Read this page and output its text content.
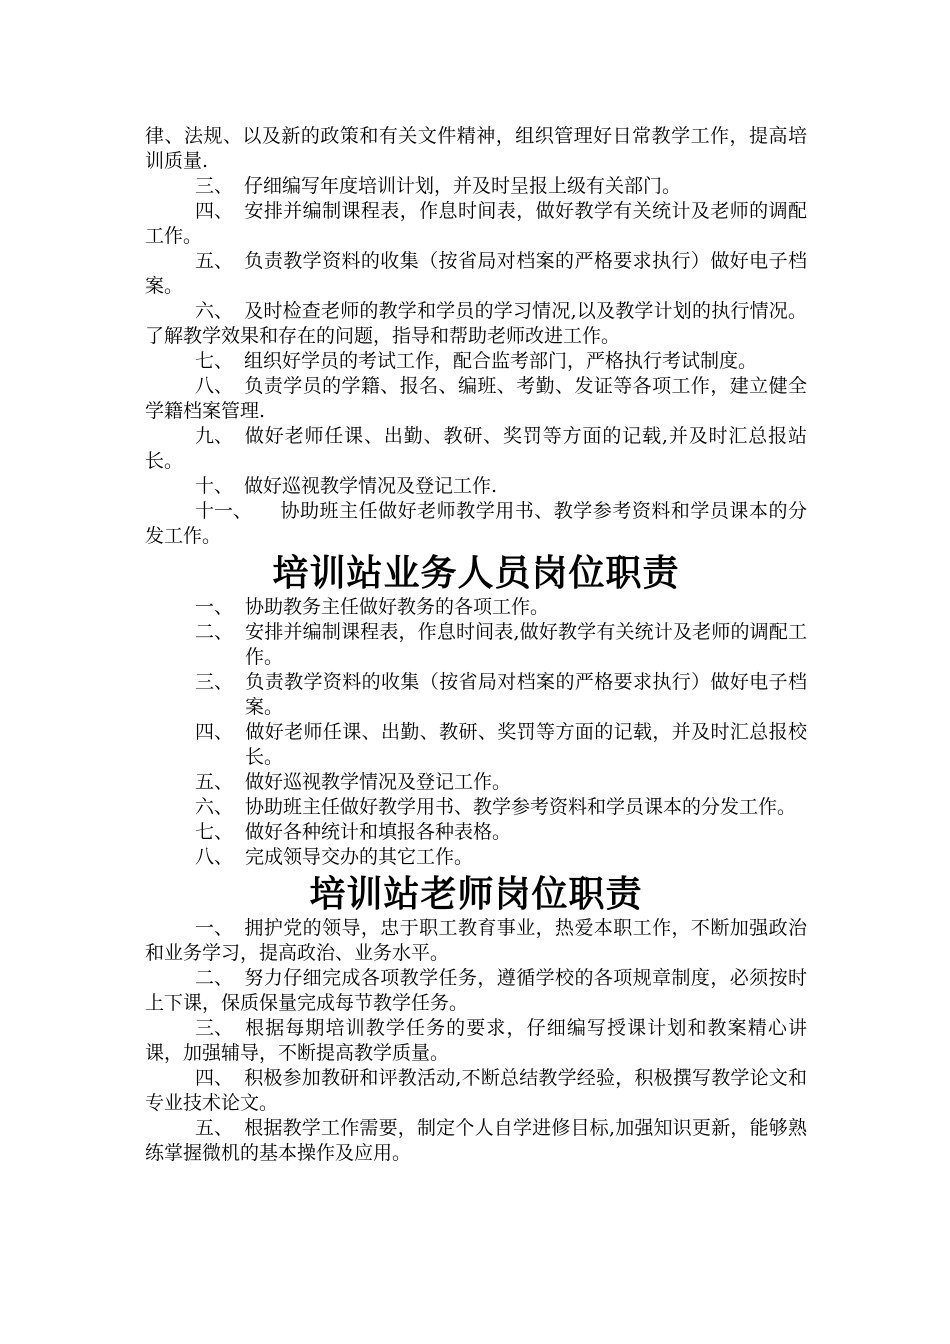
律、法规、以及新的政策和有关文件精神，组织管理好日常教学工作，提高培训质量.

三、 仔细编写年度培训计划，并及时呈报上级有关部门。

四、 安排并编制课程表，作息时间表，做好教学有关统计及老师的调配工作。

五、 负责教学资料的收集（按省局对档案的严格要求执行）做好电子档案。

六、 及时检查老师的教学和学员的学习情况,以及教学计划的执行情况。了解教学效果和存在的问题，指导和帮助老师改进工作。

七、 组织好学员的考试工作，配合监考部门，严格执行考试制度。

八、 负责学员的学籍、报名、编班、考勤、发证等各项工作，建立健全学籍档案管理.

九、 做好老师任课、出勤、教研、奖罚等方面的记载,并及时汇总报站长。

十、 做好巡视教学情况及登记工作.

十一、 协助班主任做好老师教学用书、教学参考资料和学员课本的分发工作。

培训站业务人员岗位职责

一、 协助教务主任做好教务的各项工作。

二、 安排并编制课程表，作息时间表,做好教学有关统计及老师的调配工作。

三、 负责教学资料的收集（按省局对档案的严格要求执行）做好电子档案。

四、 做好老师任课、出勤、教研、奖罚等方面的记载，并及时汇总报校长。

五、 做好巡视教学情况及登记工作。

六、 协助班主任做好教学用书、教学参考资料和学员课本的分发工作。

七、 做好各种统计和填报各种表格。

八、 完成领导交办的其它工作。

培训站老师岗位职责

一、 拥护党的领导，忠于职工教育事业，热爱本职工作，不断加强政治和业务学习，提高政治、业务水平。

二、 努力仔细完成各项教学任务，遵循学校的各项规章制度，必须按时上下课，保质保量完成每节教学任务。

三、 根据每期培训教学任务的要求，仔细编写授课计划和教案精心讲课，加强辅导，不断提高教学质量。

四、 积极参加教研和评教活动,不断总结教学经验，积极撰写教学论文和专业技术论文。

五、 根据教学工作需要，制定个人自学进修目标,加强知识更新，能够熟练掌握微机的基本操作及应用。
